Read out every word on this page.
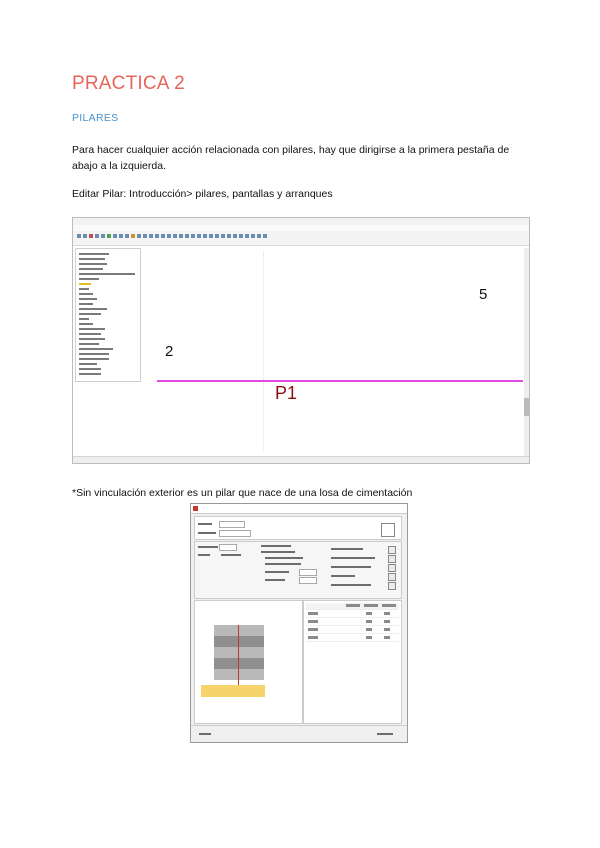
PRACTICA 2
PILARES
Para hacer cualquier acción relacionada con pilares, hay que dirigirse a la primera pestaña de abajo a la izquierda.
Editar Pilar: Introducción> pilares, pantallas y arranques
5
2
P1
*Sin vinculación exterior es un pilar que nace de una losa de cimentación
